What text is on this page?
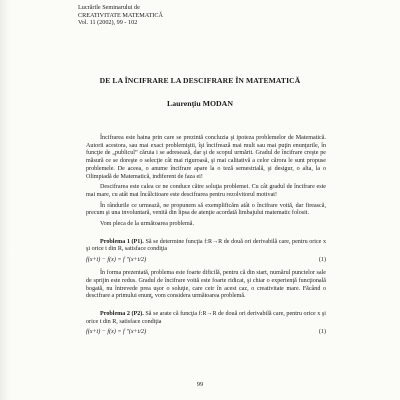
Lucrările Seminarului de
CREATIVITATE MATEMATICĂ
Vol. 11 (2002), 99 - 102
DE LA ÎNCIFRARE LA DESCIFRARE ÎN MATEMATICĂ
Laurenţiu MODAN

Încifrarea este haina prin care se prezintă concluzia şi ipoteza problemelor de Matematică. Autorii acestora, sau mai exact problemiştii, îşi încifrează mai mult sau mai puţin enunţurile, în funcţie de „publicul” căruia i se adresează, dar şi de scopul urmărit. Gradul de încifrare creşte pe măsură ce se doreşte o selecţie cât mai riguroasă, şi mai calitativă a celor cărora le sunt propuse problemele. De aceea, o anume încifrare apare la o teză semestrială, şi desigur, o alta, la o Olimpiadă de Matematică, indiferent de faza ei!

Descifrarea este calea ce ne conduce către soluţia problemei. Cu cât gradul de încifrare este mai mare, cu atât mai încâlcitoare este descifrarea pentru rezolvitorul motivat!

În rândurile ce urmează, ne propunem să exemplificăm atât o încifrare voită, dar firească, precum şi una involuntară, venită din lipsa de atenţie acordată limbajului matematic folosit.

Vom pleca de la următoarea problemă.

Problema 1 (P1). Să se determine funcţia f:R→R de două ori derivabilă care, pentru orice x şi orice t din R, satisface condiţia

f(x+t) − f(x) = f ″(x+t/2)	(1)

În forma prezentată, problema este foarte dificilă, pentru că din start, numărul punctelor sale de sprijin este redus. Gradul de încifrare voită este foarte ridicat, şi chiar o experienţă funcţională bogată, nu întrevede prea uşor o soluţie, care ceir în acest caz, o creativitate mare. Făcând o descifrare a primului enunţ, vom considera următoarea problemă.

Problema 2 (P2). Să se arate că funcţia f:R→R de două ori derivabilă care, pentru orice x şi orice t din R, satisface condiţia

f(x+t) − f(x) = f ″(x+t/2)	(1)
99
